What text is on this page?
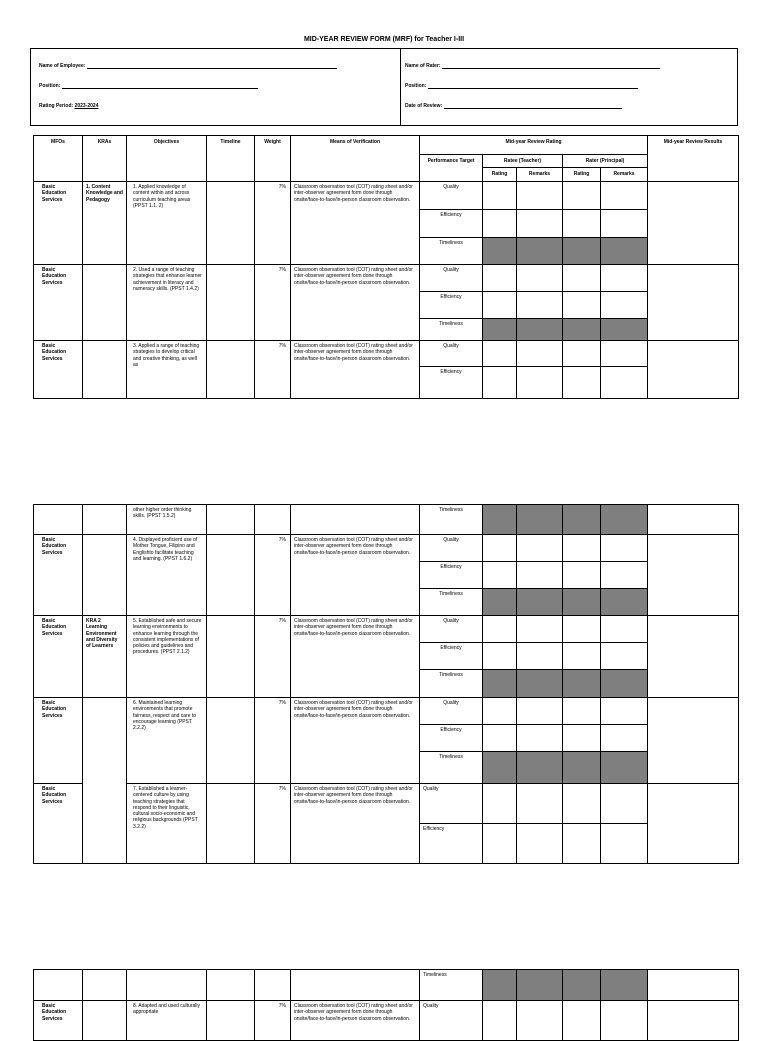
MID-YEAR REVIEW FORM (MRF) for Teacher I-III
Name of Employee:
Position:
Rating Period: 2023-2024
Name of Rater:
Position:
Date of Review:
MFOs	KRAs	Objectives	Timeline	Weight	Means of Verification	Mid-year Review Rating					Mid-year Review Results
						Performance Target	Ratee (Teacher)		Rater (Principal)		
							Rating	Remarks	Rating	Remarks	
Basic Education Services	1. Content Knowledge and Pedagogy	1. Applied knowledge of content within and across curriculum teaching areas (PPST 1.1. 2)		7%	Classroom observation tool (COT) rating sheet and/or inter-observer agreement form done through onsite/face-to-face/in-person classroom observation.	Quality					
						Efficiency					
						Timeliness					
Basic Education Services		2. Used a range of teaching strategies that enhance learner achievement in literacy and numeracy skills. (PPST 1.4.2)		7%	Classroom observation tool (COT) rating sheet and/or inter-observer agreement form done through onsite/face-to-face/in-person classroom observation.	Quality					
						Efficiency					
						Timeliness					
Basic Education Services		3. Applied a range of teaching strategies to develop critical and creative thinking, as well as		7%	Classroom observation tool (COT) rating sheet and/or inter-observer agreement form done through onsite/face-to-face/in-person classroom observation.	Quality					
						Efficiency					
		other higher order thinking skills. (PPST 1.5.2)				Timeliness					
Basic Education Services		4. Displayed proficient use of Mother Tongue, Filipino and Englishto facilitate teaching and learning. (PPST 1.6.2)		7%	Classroom observation tool (COT) rating sheet and/or inter-observer agreement form done through onsite/face-to-face/in-person classroom observation.	Quality					
						Efficiency					
						Timeliness					
Basic Education Services	KRA 2 Learning Environment and Diversity of Learners	5. Established safe and secure learning environments to enhance learning through the consistent implementations of policies and guidelines and procedures. (PPST 2.1.2)		7%	Classroom observation tool (COT) rating sheet and/or inter-observer agreement form done through onsite/face-to-face/in-person classroom observation.	Quality					
						Efficiency					
						Timeliness					
Basic Education Services		6. Maintained learning environments that promote fairness, respect and care to encourage learning (PPST 2.2.2)		7%	Classroom observation tool (COT) rating sheet and/or inter-observer agreement form done through onsite/face-to-face/in-person classroom observation.	Quality					
						Efficiency					
						Timeliness					
Basic Education Services		7. Established a learner-centered culture by using teaching strategies that respond to their linguistic, cultural socio-economic and religious backgrounds (PPST 3.2.2)		7%	Classroom observation tool (COT) rating sheet and/or inter-observer agreement form done through onsite/face-to-face/in-person classroom observation.	Quality					
						Efficiency					
						Timeliness					
Basic Education Services		8. Adapted and used culturally appropriate		7%	Classroom observation tool (COT) rating sheet and/or inter-observer agreement form done through onsite/face-to-face/in-person classroom observation.	Quality					
